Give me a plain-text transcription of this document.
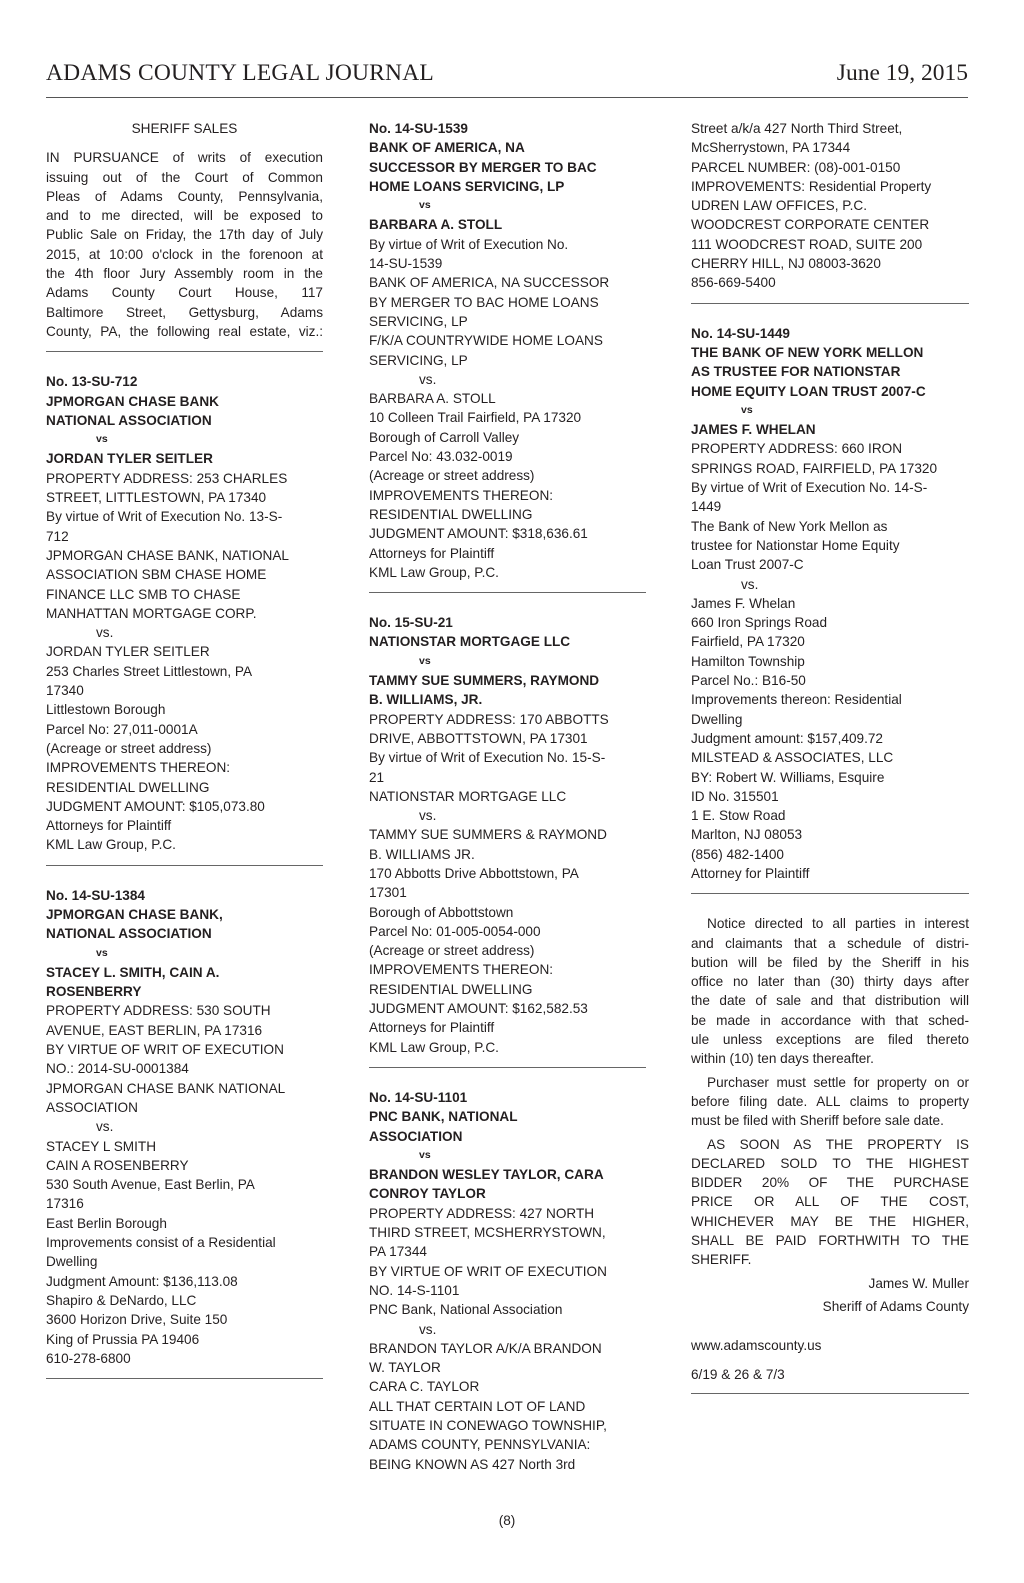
ADAMS COUNTY LEGAL JOURNAL	June 19, 2015
SHERIFF SALES
IN PURSUANCE of writs of execution
issuing out of the Court of Common
Pleas of Adams County, Pennsylvania,
and to me directed, will be exposed to
Public Sale on Friday, the 17th day of July
2015, at 10:00 o'clock in the forenoon at
the 4th floor Jury Assembly room in the
Adams County Court House, 117
Baltimore Street, Gettysburg, Adams
County, PA, the following real estate, viz.:
No. 13-SU-712
JPMORGAN CHASE BANK
NATIONAL ASSOCIATION
vs
JORDAN TYLER SEITLER
PROPERTY ADDRESS: 253 CHARLES
STREET, LITTLESTOWN, PA 17340
By virtue of Writ of Execution No. 13-S-
712
JPMORGAN CHASE BANK, NATIONAL
ASSOCIATION SBM CHASE HOME
FINANCE LLC SMB TO CHASE
MANHATTAN MORTGAGE CORP.
vs.
JORDAN TYLER SEITLER
253 Charles Street Littlestown, PA
17340
Littlestown Borough
Parcel No: 27,011-0001A
(Acreage or street address)
IMPROVEMENTS THEREON:
RESIDENTIAL DWELLING
JUDGMENT AMOUNT: $105,073.80
Attorneys for Plaintiff
KML Law Group, P.C.
No. 14-SU-1384
JPMORGAN CHASE BANK,
NATIONAL ASSOCIATION
vs
STACEY L. SMITH, CAIN A.
ROSENBERRY
PROPERTY ADDRESS: 530 SOUTH
AVENUE, EAST BERLIN, PA 17316
BY VIRTUE OF WRIT OF EXECUTION
NO.: 2014-SU-0001384
JPMORGAN CHASE BANK NATIONAL
ASSOCIATION
vs.
STACEY L SMITH
CAIN A ROSENBERRY
530 South Avenue, East Berlin, PA
17316
East Berlin Borough
Improvements consist of a Residential
Dwelling
Judgment Amount: $136,113.08
Shapiro & DeNardo, LLC
3600 Horizon Drive, Suite 150
King of Prussia PA 19406
610-278-6800
No. 14-SU-1539
BANK OF AMERICA, NA
SUCCESSOR BY MERGER TO BAC
HOME LOANS SERVICING, LP
vs
BARBARA A. STOLL
By virtue of Writ of Execution No.
14-SU-1539
BANK OF AMERICA, NA SUCCESSOR
BY MERGER TO BAC HOME LOANS
SERVICING, LP
F/K/A COUNTRYWIDE HOME LOANS
SERVICING, LP
vs.
BARBARA A. STOLL
10 Colleen Trail Fairfield, PA 17320
Borough of Carroll Valley
Parcel No: 43.032-0019
(Acreage or street address)
IMPROVEMENTS THEREON:
RESIDENTIAL DWELLING
JUDGMENT AMOUNT: $318,636.61
Attorneys for Plaintiff
KML Law Group, P.C.
No. 15-SU-21
NATIONSTAR MORTGAGE LLC
vs
TAMMY SUE SUMMERS, RAYMOND
B. WILLIAMS, JR.
PROPERTY ADDRESS: 170 ABBOTTS
DRIVE, ABBOTTSTOWN, PA 17301
By virtue of Writ of Execution No. 15-S-
21
NATIONSTAR MORTGAGE LLC
vs.
TAMMY SUE SUMMERS & RAYMOND
B. WILLIAMS JR.
170 Abbotts Drive Abbottstown, PA
17301
Borough of Abbottstown
Parcel No: 01-005-0054-000
(Acreage or street address)
IMPROVEMENTS THEREON:
RESIDENTIAL DWELLING
JUDGMENT AMOUNT: $162,582.53
Attorneys for Plaintiff
KML Law Group, P.C.
No. 14-SU-1101
PNC BANK, NATIONAL
ASSOCIATION
vs
BRANDON WESLEY TAYLOR, CARA
CONROY TAYLOR
PROPERTY ADDRESS: 427 NORTH
THIRD STREET, MCSHERRYSTOWN,
PA 17344
BY VIRTUE OF WRIT OF EXECUTION
NO. 14-S-1101
PNC Bank, National Association
vs.
BRANDON TAYLOR A/K/A BRANDON
W. TAYLOR
CARA C. TAYLOR
ALL THAT CERTAIN LOT OF LAND
SITUATE IN CONEWAGO TOWNSHIP,
ADAMS COUNTY, PENNSYLVANIA:
BEING KNOWN AS 427 North 3rd
Street a/k/a 427 North Third Street,
McSherrystown, PA 17344
PARCEL NUMBER: (08)-001-0150
IMPROVEMENTS: Residential Property
UDREN LAW OFFICES, P.C.
WOODCREST CORPORATE CENTER
111 WOODCREST ROAD, SUITE 200
CHERRY HILL, NJ 08003-3620
856-669-5400
No. 14-SU-1449
THE BANK OF NEW YORK MELLON
AS TRUSTEE FOR NATIONSTAR
HOME EQUITY LOAN TRUST 2007-C
vs
JAMES F. WHELAN
PROPERTY ADDRESS: 660 IRON
SPRINGS ROAD, FAIRFIELD, PA 17320
By virtue of Writ of Execution No. 14-S-
1449
The Bank of New York Mellon as
trustee for Nationstar Home Equity
Loan Trust 2007-C
vs.
James F. Whelan
660 Iron Springs Road
Fairfield, PA 17320
Hamilton Township
Parcel No.: B16-50
Improvements thereon: Residential
Dwelling
Judgment amount: $157,409.72
MILSTEAD & ASSOCIATES, LLC
BY: Robert W. Williams, Esquire
ID No. 315501
1 E. Stow Road
Marlton, NJ 08053
(856) 482-1400
Attorney for Plaintiff
Notice directed to all parties in interest
and claimants that a schedule of distri-
bution will be filed by the Sheriff in his
office no later than (30) thirty days after
the date of sale and that distribution will
be made in accordance with that sched-
ule unless exceptions are filed thereto
within (10) ten days thereafter.
Purchaser must settle for property on or
before filing date. ALL claims to property
must be filed with Sheriff before sale date.
AS SOON AS THE PROPERTY IS
DECLARED SOLD TO THE HIGHEST
BIDDER 20% OF THE PURCHASE
PRICE OR ALL OF THE COST,
WHICHEVER MAY BE THE HIGHER,
SHALL BE PAID FORTHWITH TO THE
SHERIFF.
James W. Muller
Sheriff of Adams County
www.adamscounty.us
6/19 & 26 & 7/3
(8)
